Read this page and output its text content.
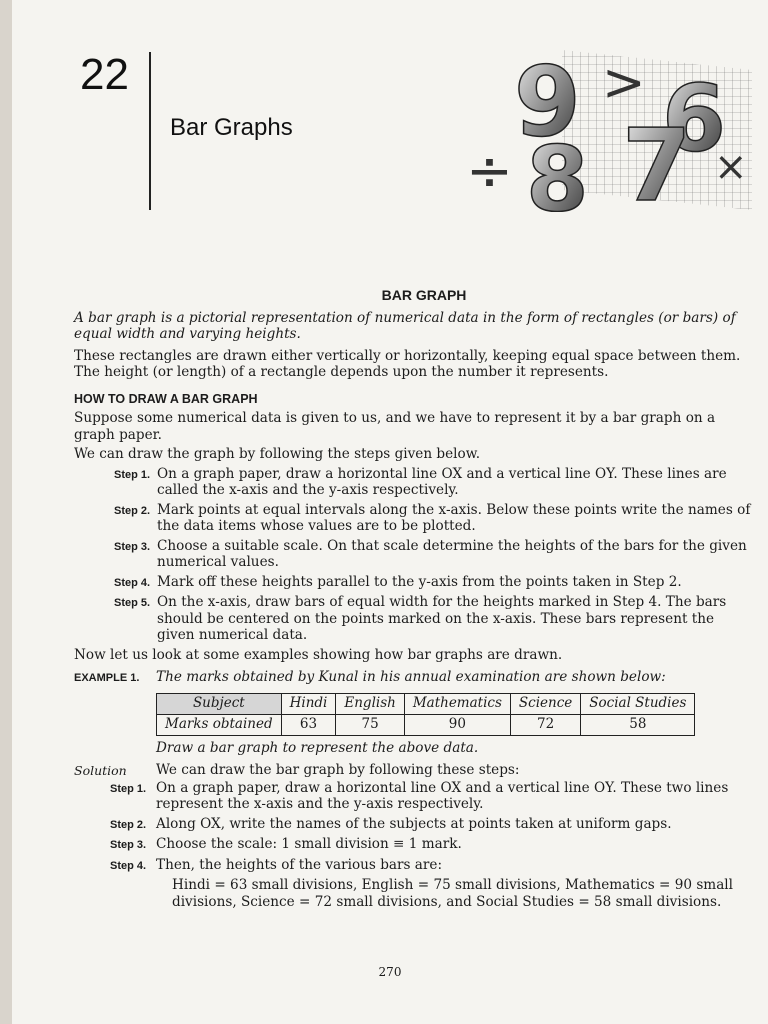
22
Bar Graphs 9
8
6
7
>
÷	×
BAR GRAPH

A bar graph is a pictorial representation of numerical data in the form of rectangles (or bars) of equal width and varying heights.

These rectangles are drawn either vertically or horizontally, keeping equal space between them. The height (or length) of a rectangle depends upon the number it represents.

HOW TO DRAW A BAR GRAPH

Suppose some numerical data is given to us, and we have to represent it by a bar graph on a graph paper.

We can draw the graph by following the steps given below.

Step 1. On a graph paper, draw a horizontal line OX and a vertical line OY. These lines are called the x-axis and the y-axis respectively.
Step 2. Mark points at equal intervals along the x-axis. Below these points write the names of the data items whose values are to be plotted.
Step 3. Choose a suitable scale. On that scale determine the heights of the bars for the given numerical values.
Step 4. Mark off these heights parallel to the y-axis from the points taken in Step 2.
Step 5. On the x-axis, draw bars of equal width for the heights marked in Step 4. The bars should be centered on the points marked on the x-axis. These bars represent the given numerical data.

Now let us look at some examples showing how bar graphs are drawn.

EXAMPLE 1.	The marks obtained by Kunal in his annual examination are shown below:
Subject	Hindi	English	Mathematics	Science	Social Studies
Marks obtained	63	75	90	72	58
Draw a bar graph to represent the above data.
Solution	We can draw the bar graph by following these steps:
Step 1. On a graph paper, draw a horizontal line OX and a vertical line OY. These two lines represent the x-axis and the y-axis respectively.
Step 2. Along OX, write the names of the subjects at points taken at uniform gaps.
Step 3. Choose the scale: 1 small division ≡ 1 mark.
Step 4. Then, the heights of the various bars are:

Hindi = 63 small divisions, English = 75 small divisions, Mathematics = 90 small divisions, Science = 72 small divisions, and Social Studies = 58 small divisions.

270
